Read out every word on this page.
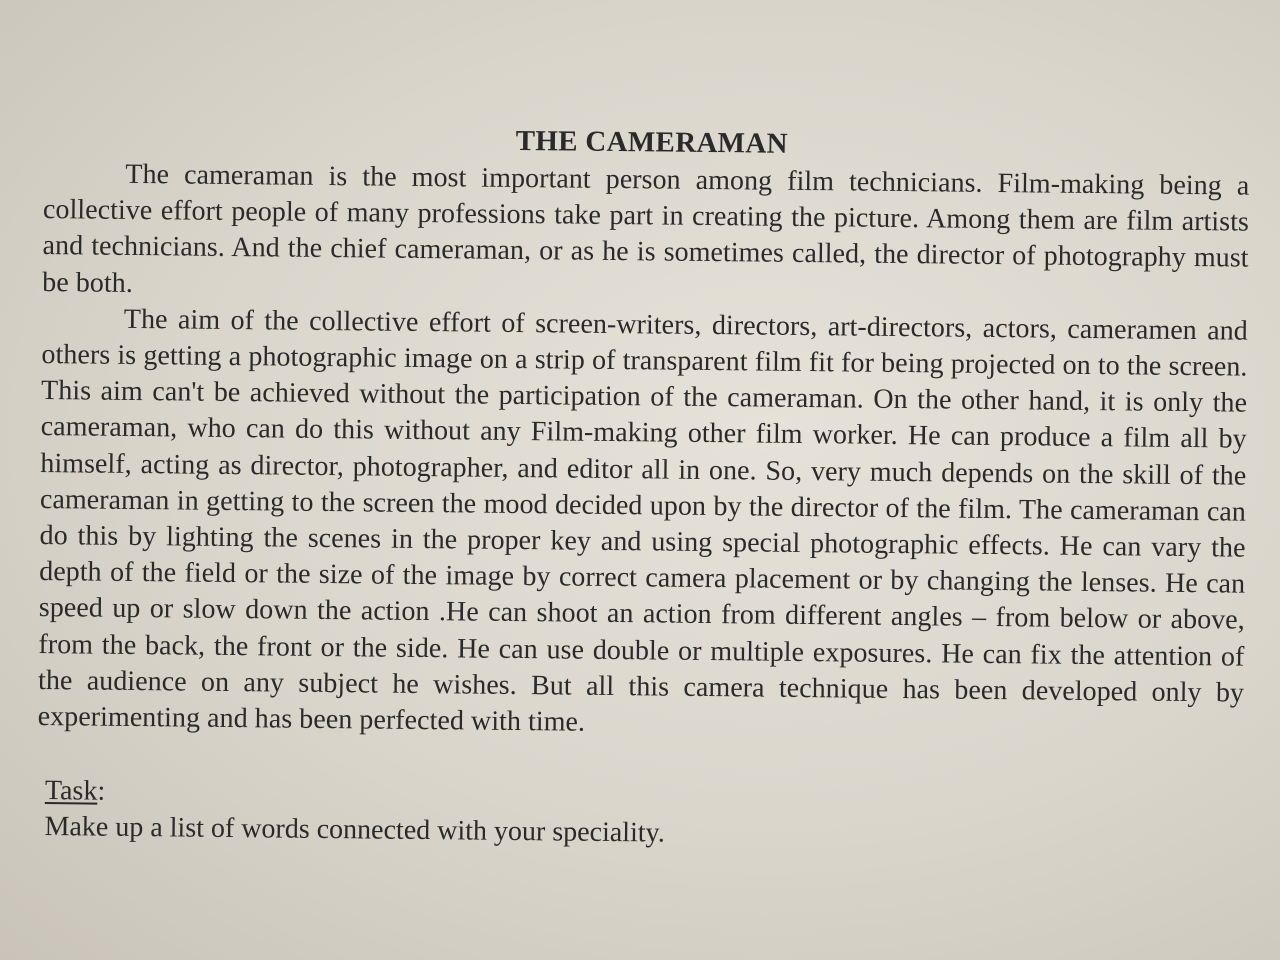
THE CAMERAMAN

The cameraman is the most important person among film technicians. Film-making being a collective effort people of many professions take part in creating the picture. Among them are film artists and technicians. And the chief cameraman, or as he is sometimes called, the director of photography must be both.

The aim of the collective effort of screen-writers, directors, art-directors, actors, cameramen and others is getting a photographic image on a strip of transparent film fit for being projected on to the screen. This aim can't be achieved without the participation of the cameraman. On the other hand, it is only the cameraman, who can do this without any Film-making other film worker. He can produce a film all by himself, acting as director, photographer, and editor all in one. So, very much depends on the skill of the cameraman in getting to the screen the mood decided upon by the director of the film. The cameraman can do this by lighting the scenes in the proper key and using special photographic effects. He can vary the depth of the field or the size of the image by correct camera placement or by changing the lenses. He can speed up or slow down the action .He can shoot an action from different angles – from below or above, from the back, the front or the side. He can use double or multiple exposures. He can fix the attention of the audience on any subject he wishes. But all this camera technique has been developed only by experimenting and has been perfected with time.

Task:
Make up a list of words connected with your speciality.
